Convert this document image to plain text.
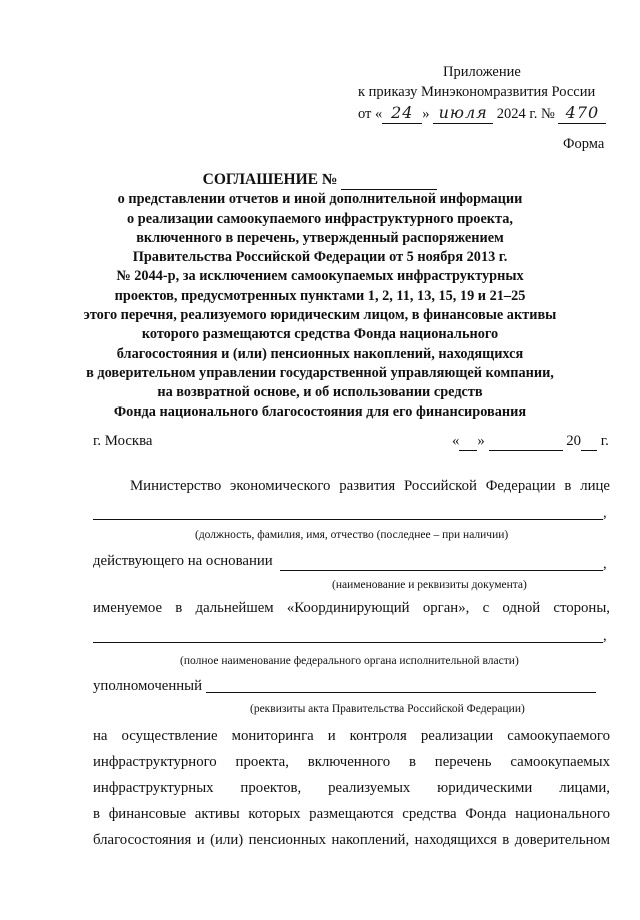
Приложение
к приказу Минэкономразвития России
от « 24 » июля 2024 г. № 470
Форма
СОГЛАШЕНИЕ №
о представлении отчетов и иной дополнительной информации
о реализации самоокупаемого инфраструктурного проекта,
включенного в перечень, утвержденный распоряжением
Правительства Российской Федерации от 5 ноября 2013 г.
№ 2044-р, за исключением самоокупаемых инфраструктурных
проектов, предусмотренных пунктами 1, 2, 11, 13, 15, 19 и 21–25
этого перечня, реализуемого юридическим лицом, в финансовые активы
которого размещаются средства Фонда национального
благосостояния и (или) пенсионных накоплений, находящихся
в доверительном управлении государственной управляющей компании,
на возвратной основе, и об использовании средств
Фонда национального благосостояния для его финансирования
г. Москва	« »	20 г.
Министерство экономического развития Российской Федерации в лице
,
(должность, фамилия, имя, отчество (последнее – при наличии)
действующего на основании	,
(наименование и реквизиты документа)
именуемое в дальнейшем «Координирующий орган», с одной стороны,
,
(полное наименование федерального органа исполнительной власти)
уполномоченный
(реквизиты акта Правительства Российской Федерации)
на осуществление мониторинга и контроля реализации самоокупаемого
инфраструктурного проекта, включенного в перечень самоокупаемых
инфраструктурных проектов, реализуемых юридическими лицами,
в финансовые активы которых размещаются средства Фонда национального
благосостояния и (или) пенсионных накоплений, находящихся в доверительном
